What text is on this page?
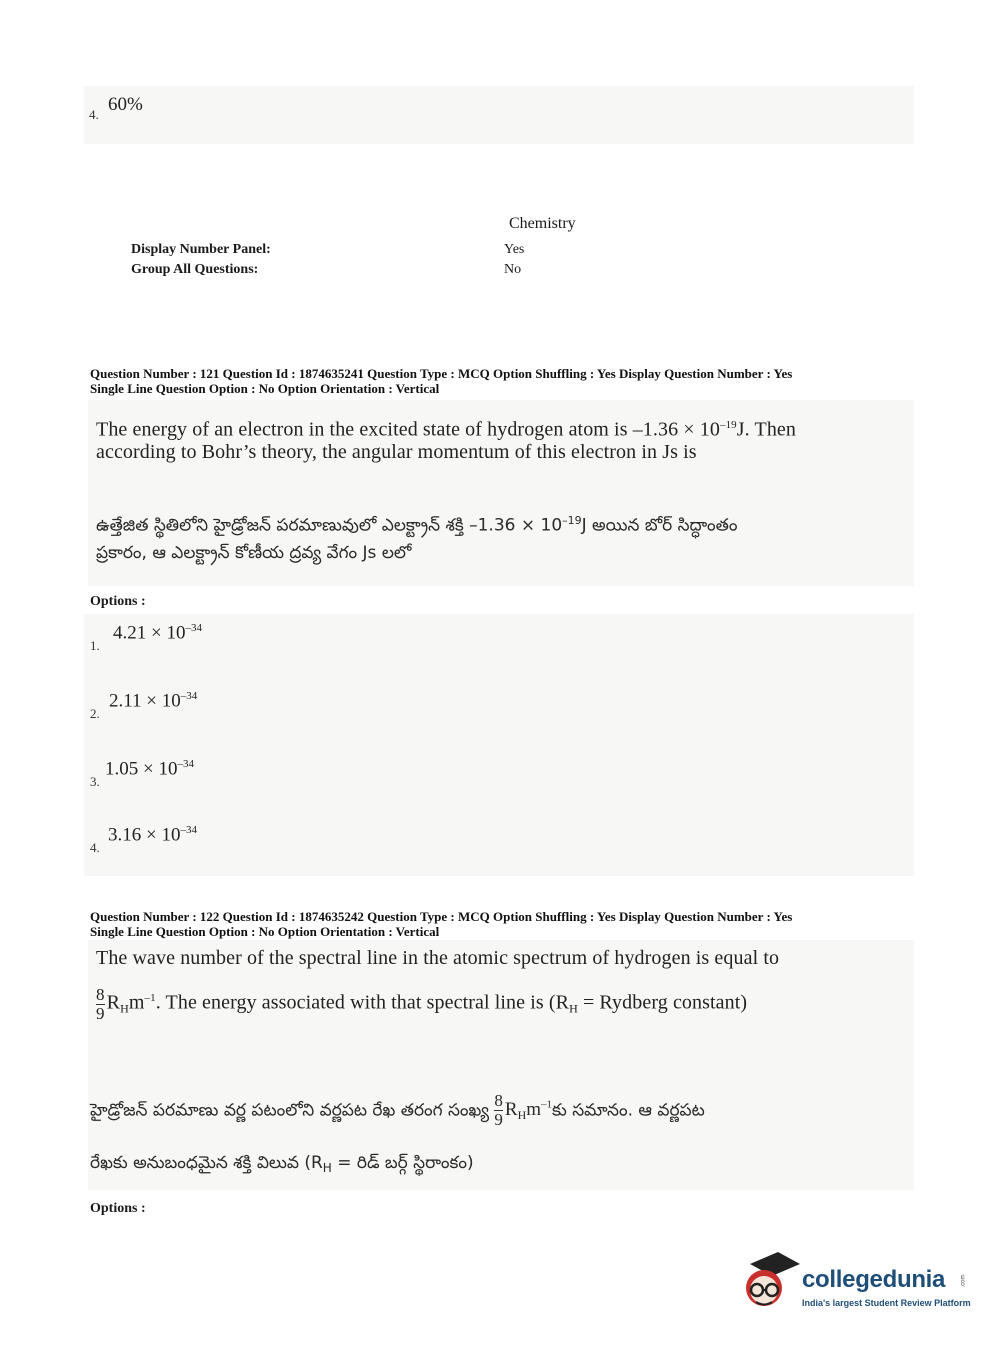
4. 60%
Chemistry
Display Number Panel:	Yes
Group All Questions:	No
Question Number : 121 Question Id : 1874635241 Question Type : MCQ Option Shuffling : Yes Display Question Number : Yes
Single Line Question Option : No Option Orientation : Vertical
The energy of an electron in the excited state of hydrogen atom is $-1.36 \times 10^{-19}J$. Then
according to Bohr’s theory, the angular momentum of this electron in Js is
ఉత్తేజిత స్థితిలోని హైడ్రోజన్ పరమాణువులో ఎలక్ట్రాన్ శక్తి $-1.36 \times 10^{-19}J$ అయిన బోర్ సిద్ధాంతం
ప్రకారం, ఆ ఎలక్ట్రాన్ కోణీయ ద్రవ్య వేగం Js లలో
Options :
1.
$4.21 \times 10^{-34}$
2.
$2.11 \times 10^{-34}$
3.
$1.05 \times 10^{-34}$
4.
$3.16 \times 10^{-34}$
Question Number : 122 Question Id : 1874635242 Question Type : MCQ Option Shuffling : Yes Display Question Number : Yes
Single Line Question Option : No Option Orientation : Vertical
The wave number of the spectral line in the atomic spectrum of hydrogen is equal to
$\frac{8}{9} R_Hm^{-1}$. The energy associated with that spectral line is ($R_H$ = Rydberg constant)
హైడ్రోజన్ పరమాణు వర్ణ పటంలోని వర్ణపట రేఖ తరంగ సంఖ్య $\frac{8}{9}$ $R_Hm^{-1}కు$ సమానం. ఆ వర్ణపట
రేఖకు అనుబంధమైన శక్తి విలువ ($R_H$ = రిడ్ బర్గ్ స్థిరాంకం)
Options :
collegedunia	.com
India's largest Student Review Platform
